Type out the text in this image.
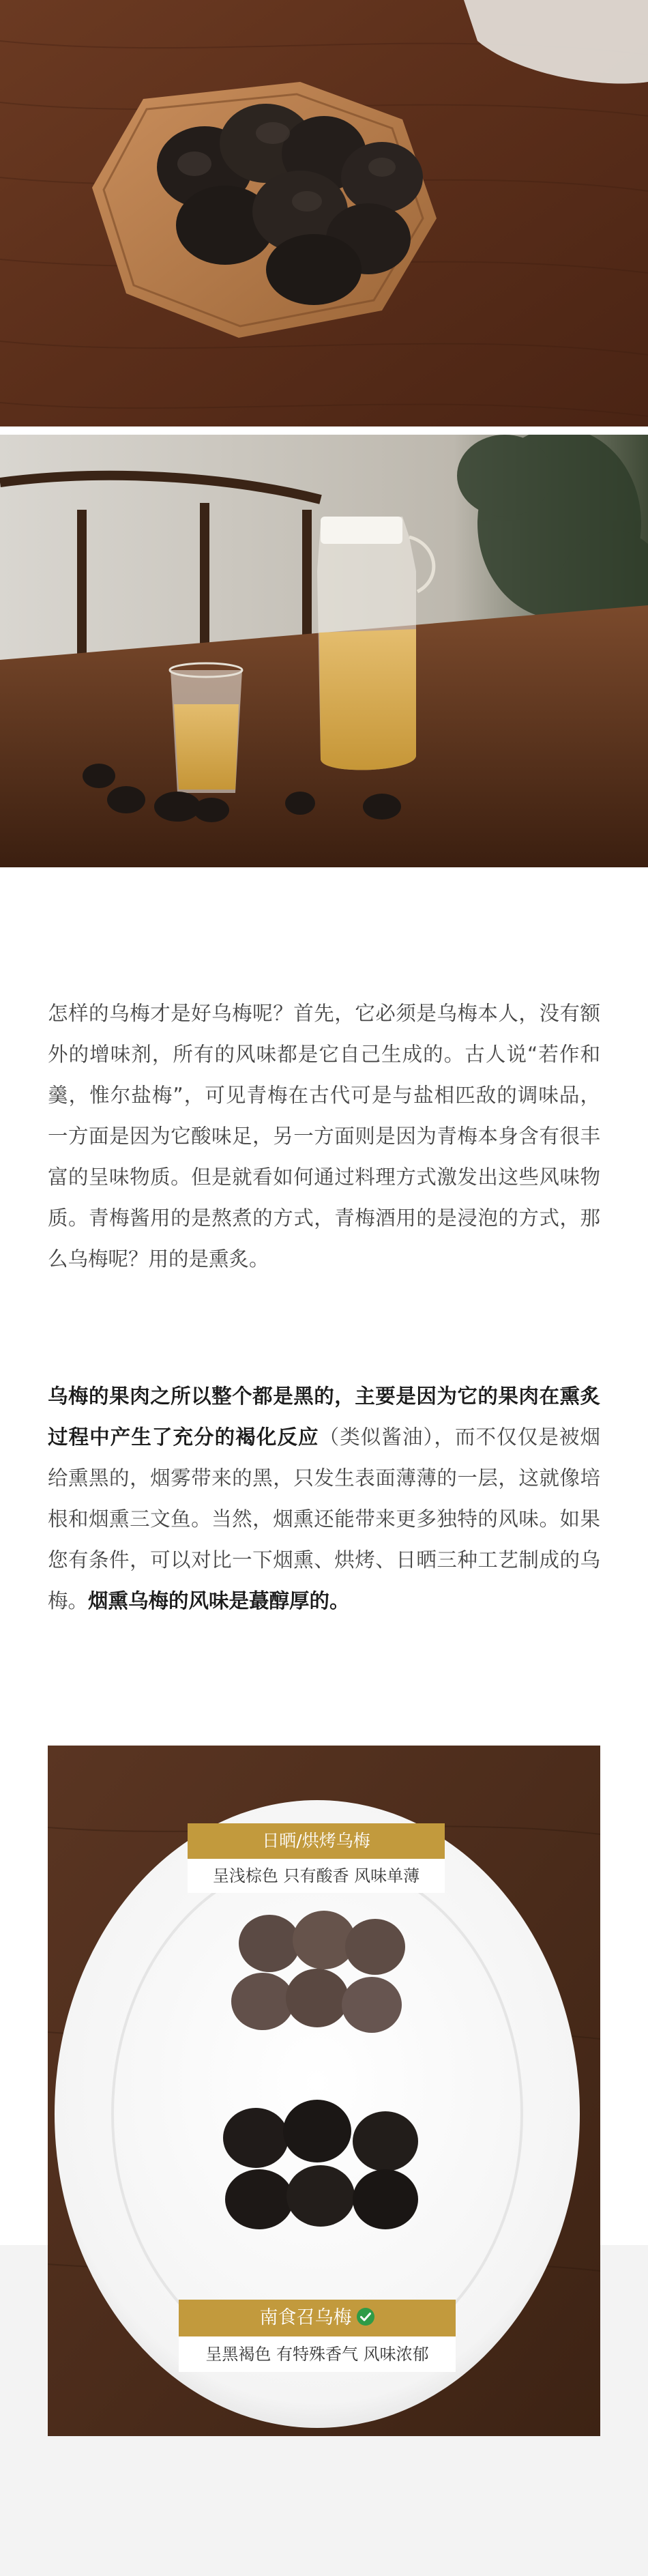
怎样的乌梅才是好乌梅呢？首先，它必须是乌梅本人，没有额外的增味剂，所有的风味都是它自己生成的。古人说“若作和羹，惟尔盐梅”，可见青梅在古代可是与盐相匹敌的调味品，一方面是因为它酸味足，另一方面则是因为青梅本身含有很丰富的呈味物质。但是就看如何通过料理方式激发出这些风味物质。青梅酱用的是熬煮的方式，青梅酒用的是浸泡的方式，那么乌梅呢？用的是熏炙。

乌梅的果肉之所以整个都是黑的，主要是因为它的果肉在熏炙过程中产生了充分的褐化反应（类似酱油），而不仅仅是被烟给熏黑的，烟雾带来的黑，只发生表面薄薄的一层，这就像培根和烟熏三文鱼。当然，烟熏还能带来更多独特的风味。如果您有条件，可以对比一下烟熏、烘烤、日晒三种工艺制成的乌梅。烟熏乌梅的风味是蕞醇厚的。

日晒/烘烤乌梅
呈浅棕色 只有酸香 风味单薄
南食召乌梅
呈黑褐色 有特殊香气 风味浓郁
